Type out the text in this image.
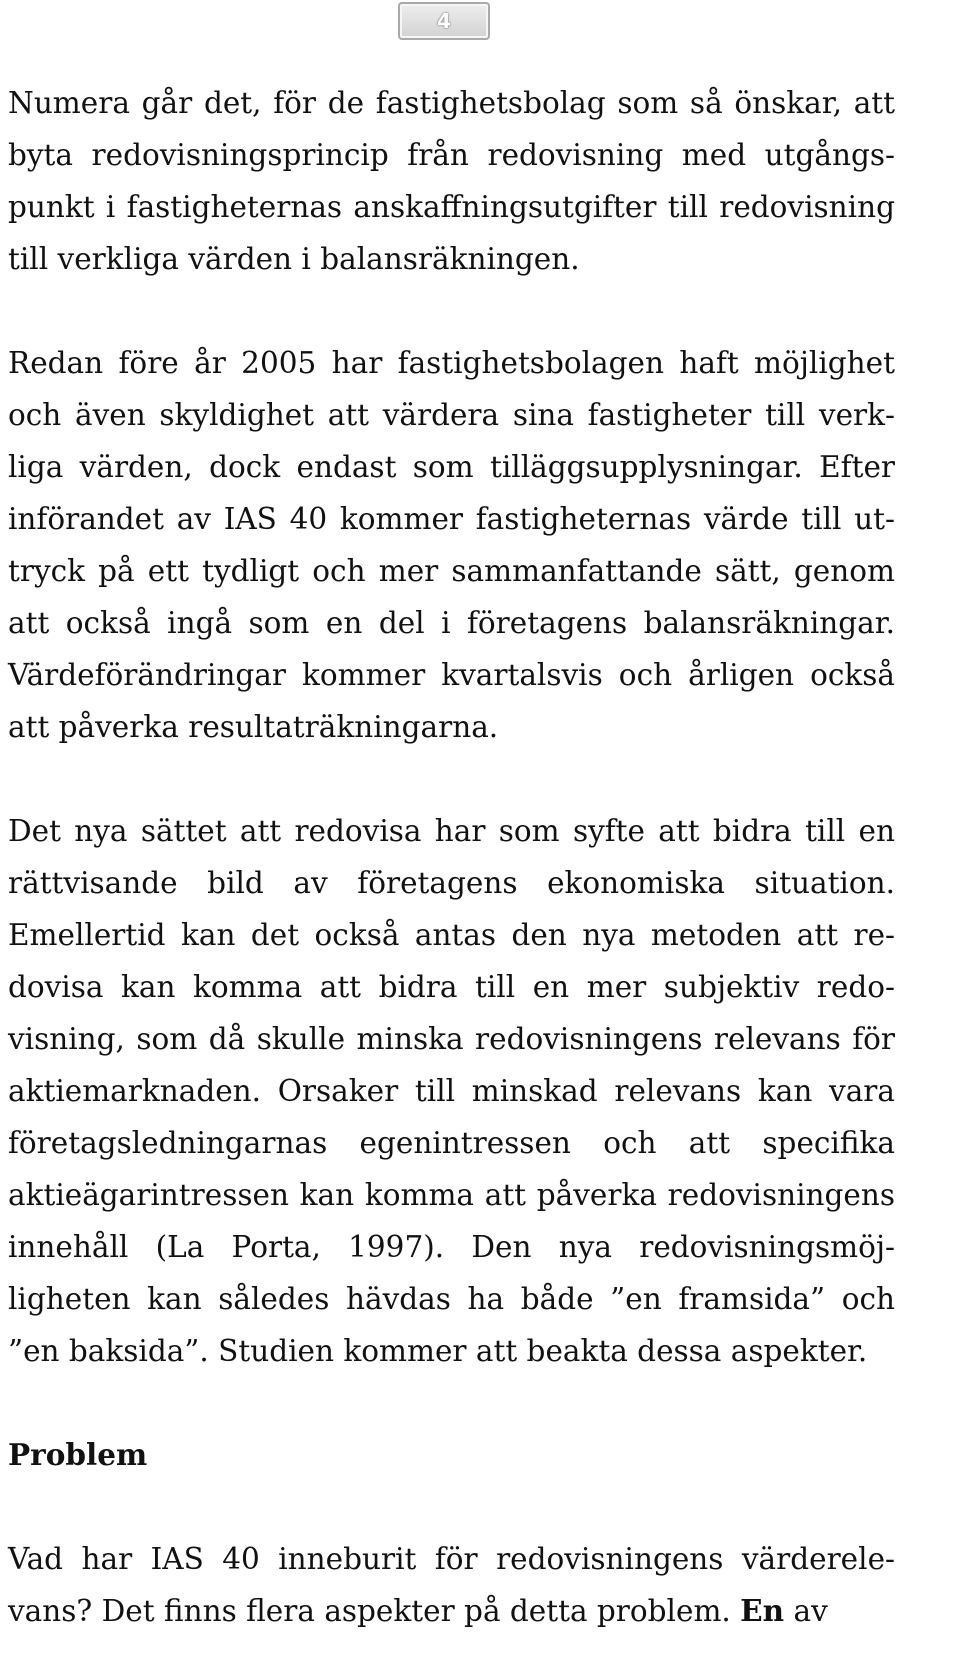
4

Numera går det, för de fastighetsbolag som så önskar, att byta redovisningsprincip från redovisning med utgångspunkt i fastigheternas anskaffningsutgifter till redovisning till verkliga värden i balansräkningen.

Redan före år 2005 har fastighetsbolagen haft möjlighet och även skyldighet att värdera sina fastigheter till verkliga värden, dock endast som tilläggsupplysningar. Efter införandet av IAS 40 kommer fastigheternas värde till uttryck på ett tydligt och mer sammanfattande sätt, genom att också ingå som en del i företagens balansräkningar. Värdeförändringar kommer kvartalsvis och årligen också att påverka resultaträkningarna.

Det nya sättet att redovisa har som syfte att bidra till en rättvisande bild av företagens ekonomiska situation. Emellertid kan det också antas den nya metoden att redovisa kan komma att bidra till en mer subjektiv redovisning, som då skulle minska redovisningens relevans för aktiemarknaden. Orsaker till minskad relevans kan vara företagsledningarnas egenintressen och att specifika aktieägarintressen kan komma att påverka redovisningens innehåll (La Porta, 1997). Den nya redovisningsmöjligheten kan således hävdas ha både ”en framsida” och ”en baksida”. Studien kommer att beakta dessa aspekter.

Problem

Vad har IAS 40 inneburit för redovisningens värderelevans? Det finns flera aspekter på detta problem. En av
